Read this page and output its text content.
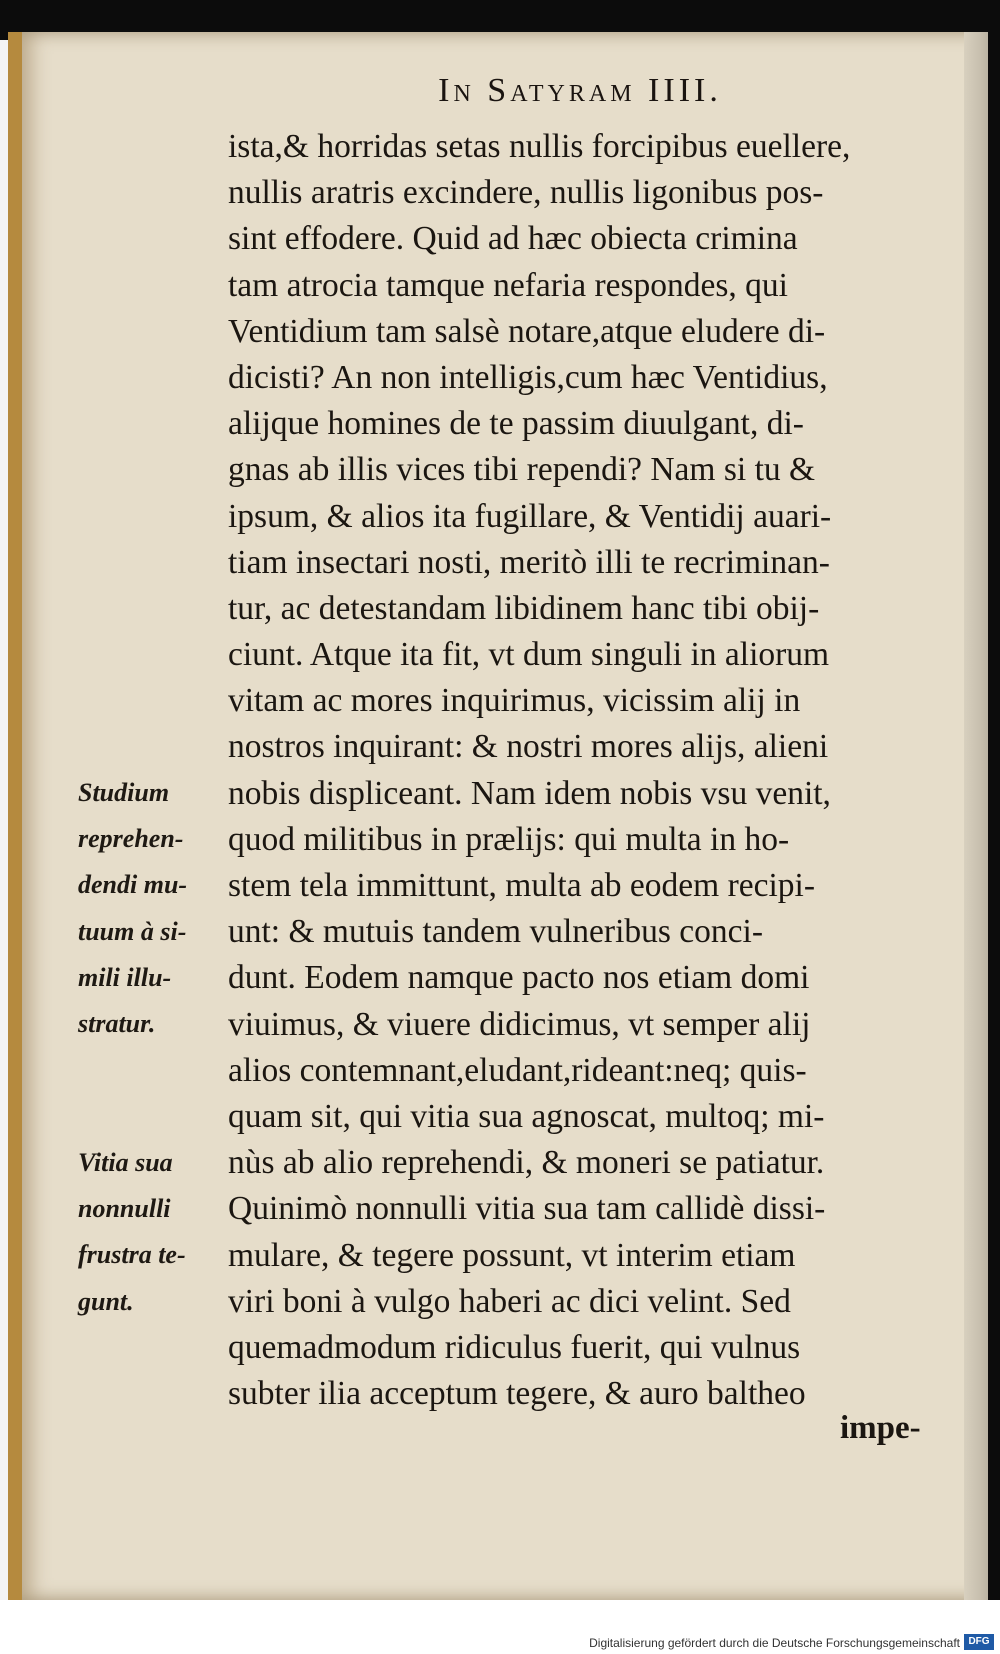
In Satyram IIII.
ista,& horridas setas nullis forcipibus euellere,
nullis aratris excindere, nullis ligonibus pos-
sint effodere. Quid ad hæc obiecta crimina
tam atrocia tamque nefaria respondes, qui
Ventidium tam salsè notare,atque eludere di-
dicisti? An non intelligis,cum hæc Ventidius,
alijque homines de te passim diuulgant, di-
gnas ab illis vices tibi rependi? Nam si tu &
ipsum, & alios ita fugillare, & Ventidij auari-
tiam insectari nosti, meritò illi te recriminan-
tur, ac detestandam libidinem hanc tibi obij-
ciunt. Atque ita fit, vt dum singuli in aliorum
vitam ac mores inquirimus, vicissim alij in
nostros inquirant: & nostri mores alijs, alieni
nobis displiceant. Nam idem nobis vsu venit,
quod militibus in prælijs: qui multa in ho-
stem tela immittunt, multa ab eodem recipi-
unt: & mutuis tandem vulneribus conci-
dunt. Eodem namque pacto nos etiam domi
viuimus, & viuere didicimus, vt semper alij
alios contemnant,eludant,rideant:neq; quis-
quam sit, qui vitia sua agnoscat, multoq; mi-
nùs ab alio reprehendi, & moneri se patiatur.
Quinimò nonnulli vitia sua tam callidè dissi-
mulare, & tegere possunt, vt interim etiam
viri boni à vulgo haberi ac dici velint. Sed
quemadmodum ridiculus fuerit, qui vulnus
subter ilia acceptum tegere, & auro baltheo
Studium
reprehen-
dendi mu-
tuum à si-
mili illu-
stratur.
Vitia sua
nonnulli
frustra te-
gunt.
impe-
Digitalisierung gefördert durch die Deutsche Forschungsgemeinschaft DFG
